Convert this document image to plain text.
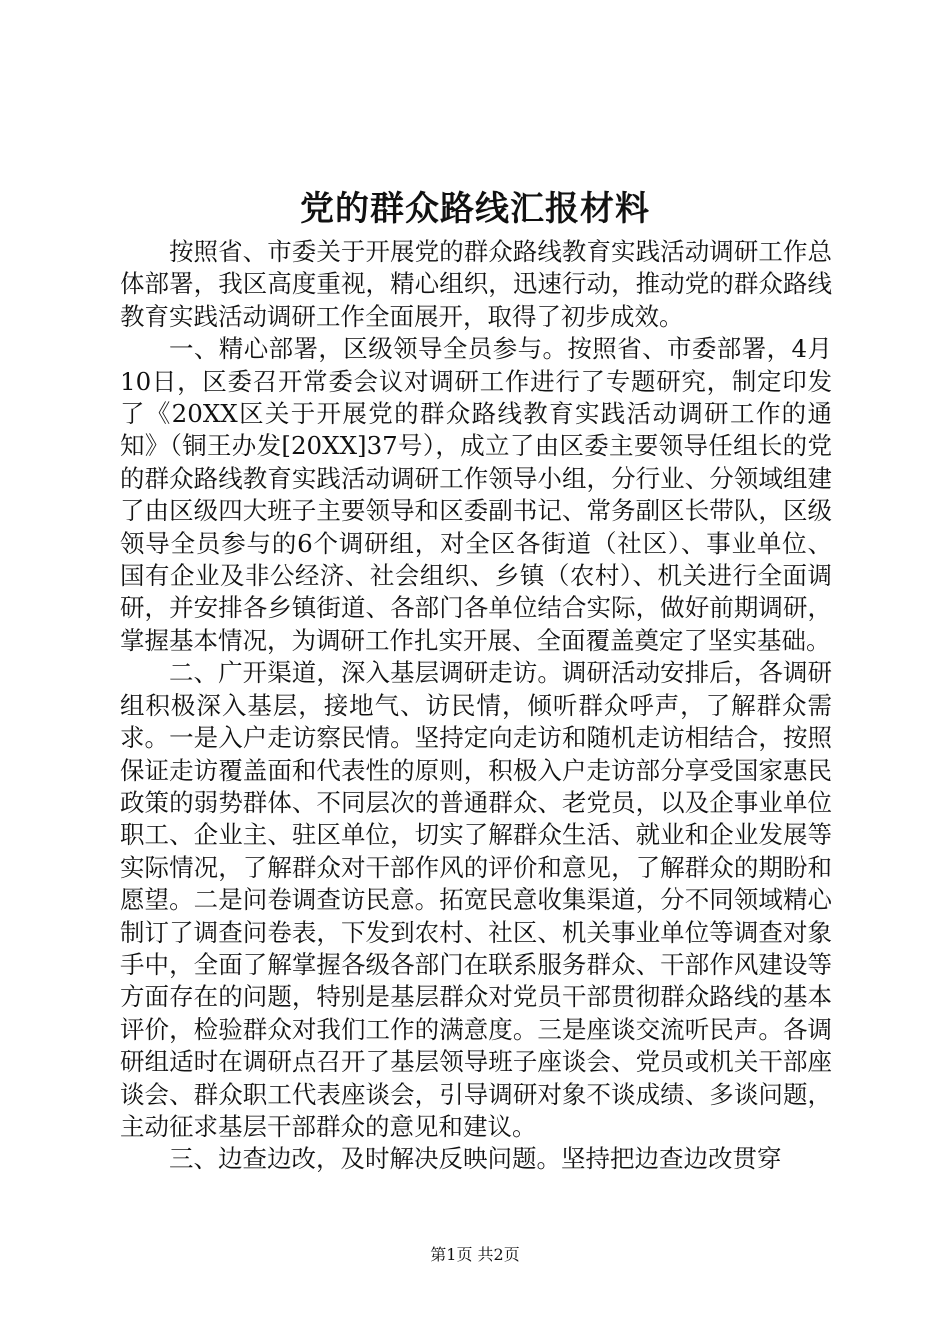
党的群众路线汇报材料

按照省、市委关于开展党的群众路线教育实践活动调研工作总体部署，我区高度重视，精心组织，迅速行动，推动党的群众路线教育实践活动调研工作全面展开，取得了初步成效。

一、精心部署，区级领导全员参与。按照省、市委部署，4月10日，区委召开常委会议对调研工作进行了专题研究，制定印发了《20XX区关于开展党的群众路线教育实践活动调研工作的通知》（铜王办发[20XX]37号），成立了由区委主要领导任组长的党的群众路线教育实践活动调研工作领导小组，分行业、分领域组建了由区级四大班子主要领导和区委副书记、常务副区长带队，区级领导全员参与的6个调研组，对全区各街道（社区）、事业单位、国有企业及非公经济、社会组织、乡镇（农村）、机关进行全面调研，并安排各乡镇街道、各部门各单位结合实际，做好前期调研，掌握基本情况，为调研工作扎实开展、全面覆盖奠定了坚实基础。

二、广开渠道，深入基层调研走访。调研活动安排后，各调研组积极深入基层，接地气、访民情，倾听群众呼声，了解群众需求。一是入户走访察民情。坚持定向走访和随机走访相结合，按照保证走访覆盖面和代表性的原则，积极入户走访部分享受国家惠民政策的弱势群体、不同层次的普通群众、老党员，以及企事业单位职工、企业主、驻区单位，切实了解群众生活、就业和企业发展等实际情况，了解群众对干部作风的评价和意见，了解群众的期盼和愿望。二是问卷调查访民意。拓宽民意收集渠道，分不同领域精心制订了调查问卷表，下发到农村、社区、机关事业单位等调查对象手中，全面了解掌握各级各部门在联系服务群众、干部作风建设等方面存在的问题，特别是基层群众对党员干部贯彻群众路线的基本评价，检验群众对我们工作的满意度。三是座谈交流听民声。各调研组适时在调研点召开了基层领导班子座谈会、党员或机关干部座谈会、群众职工代表座谈会，引导调研对象不谈成绩、多谈问题，主动征求基层干部群众的意见和建议。

三、边查边改，及时解决反映问题。坚持把边查边改贯穿

第1页 共2页
